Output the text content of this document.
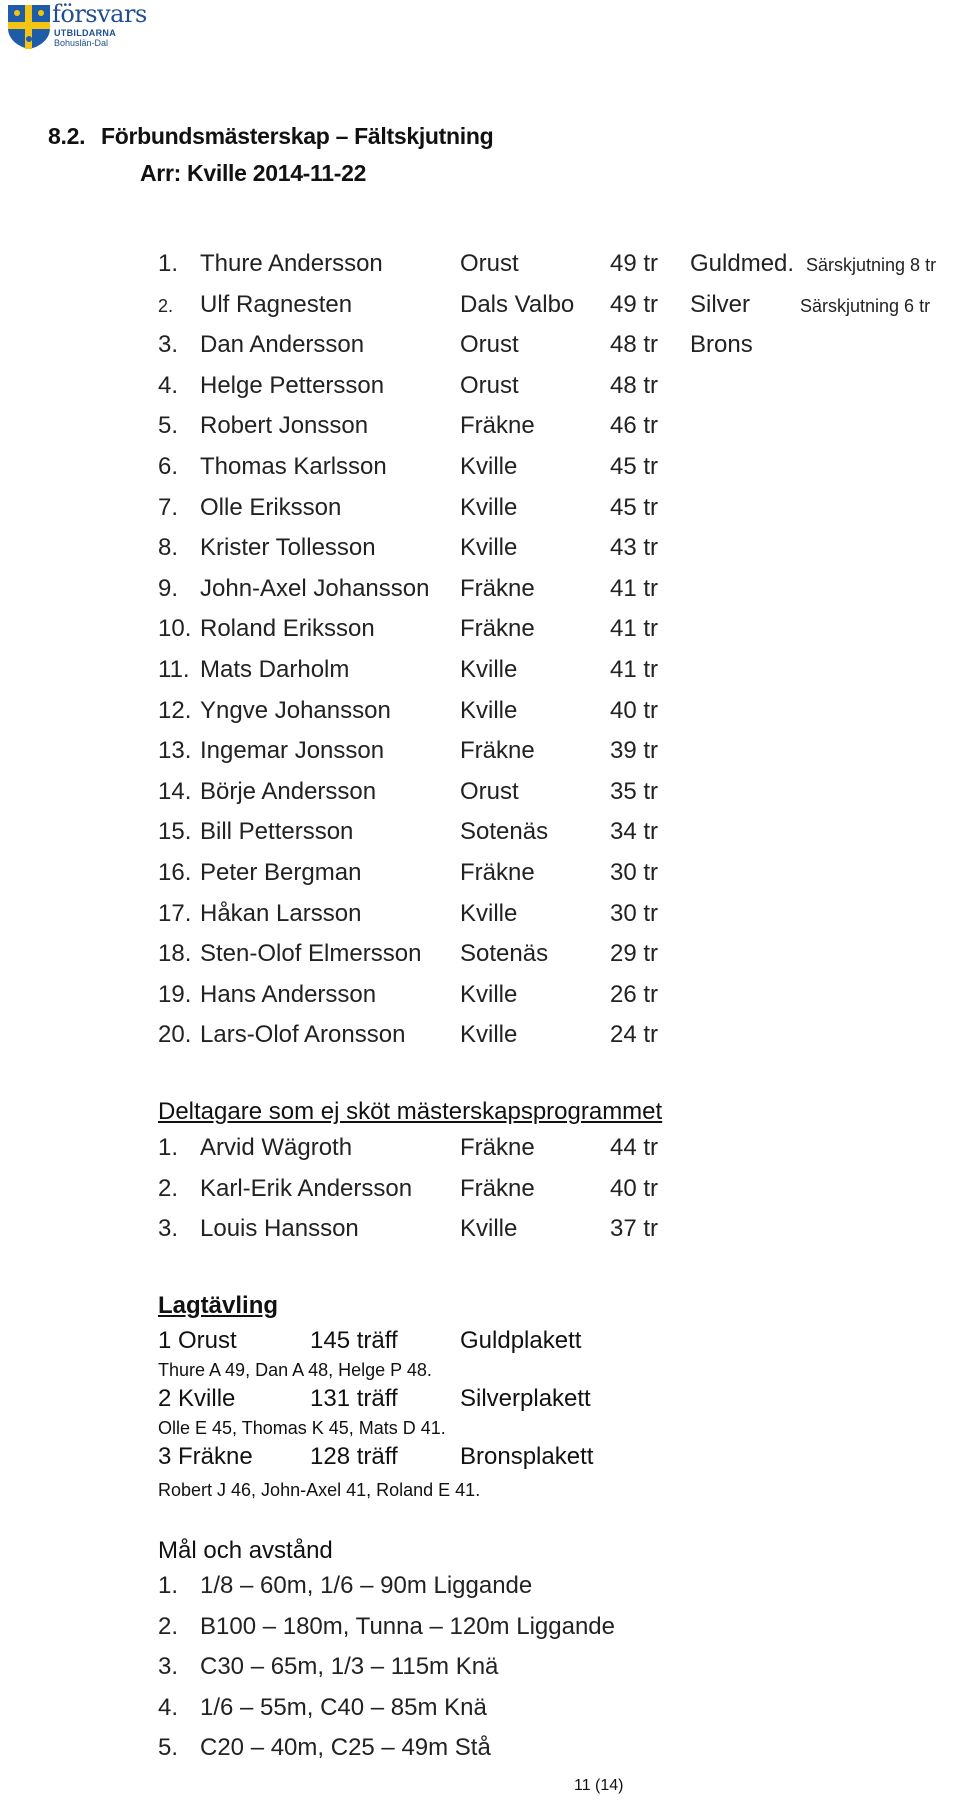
försvars
UTBILDARNA
Bohuslän-Dal
8.2. Förbundsmästerskap – Fältskjutning
Arr: Kville 2014-11-22
1. Thure Andersson	Orust	49 tr Guldmed. Särskjutning 8 tr
2. Ulf Ragnesten	Dals Valbo 49 tr Silver	Särskjutning 6 tr
3. Dan Andersson	Orust	48 tr Brons
4. Helge Pettersson	Orust	48 tr
5. Robert Jonsson	Fräkne	46 tr
6. Thomas Karlsson	Kville	45 tr
7. Olle Eriksson	Kville	45 tr
8. Krister Tollesson	Kville	43 tr
9. John-Axel Johansson Fräkne	41 tr
10. Roland Eriksson	Fräkne	41 tr
11. Mats Darholm	Kville	41 tr
12. Yngve Johansson	Kville	40 tr
13. Ingemar Jonsson	Fräkne	39 tr
14. Börje Andersson	Orust	35 tr
15. Bill Pettersson	Sotenäs	34 tr
16. Peter Bergman	Fräkne	30 tr
17. Håkan Larsson	Kville	30 tr
18. Sten-Olof Elmersson Sotenäs	29 tr
19. Hans Andersson	Kville	26 tr
20. Lars-Olof Aronsson Kville	24 tr
Deltagare som ej sköt mästerskapsprogrammet
1. Arvid Wägroth	Fräkne	44 tr
2. Karl-Erik Andersson Fräkne	40 tr
3. Louis Hansson	Kville	37 tr
Lagtävling
1 Orust	145 träff	Guldplakett
Thure A 49, Dan A 48, Helge P 48.
2 Kville	131 träff	Silverplakett
Olle E 45, Thomas K 45, Mats D 41.
3 Fräkne 128 träff	Bronsplakett
Robert J 46, John-Axel 41, Roland E 41.
Mål och avstånd
1. 1/8 – 60m, 1/6 – 90m Liggande
2. B100 – 180m, Tunna – 120m Liggande
3. C30 – 65m, 1/3 – 115m Knä
4. 1/6 – 55m, C40 – 85m Knä
5. C20 – 40m, C25 – 49m Stå
11 (14)
